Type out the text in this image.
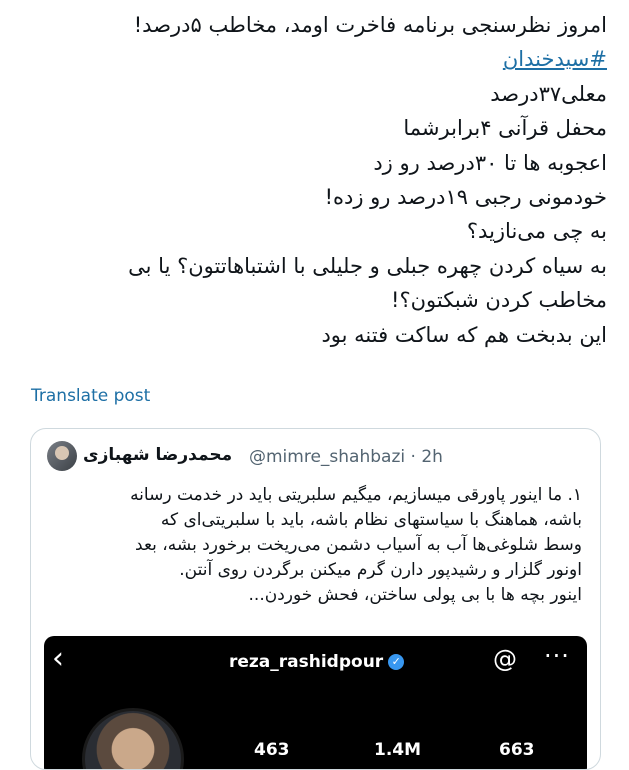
امروز نظرسنجی برنامه فاخرت اومد، مخاطب ۵درصد!
#سیدخندان
معلی۳۷درصد
محفل قرآنی ۴برابرشما
اعجوبه ها تا ۳۰درصد رو زد
خودمونی رجبی ۱۹درصد رو زده!
به چی می‌نازید؟
به سیاه کردن چهره جبلی و جلیلی با اشتباهاتتون؟ یا بی
مخاطب کردن شبکتون؟!
این بدبخت هم که ساکت فتنه بود
Translate post
محمدرضا شهبازی @mimre_shahbazi · 2h
۱. ما اینور پاورقی میسازیم، میگیم سلبریتی باید در خدمت رسانه
باشه، هماهنگ با سیاستهای نظام باشه، باید با سلبریتی‌ای که
وسط شلوغی‌ها آب به آسیاب دشمن می‌ریخت برخورد بشه، بعد
اونور گلزار و رشیدپور دارن گرم میکنن برگردن روی آنتن.
اینور بچه ها با بی پولی ساختن، فحش خوردن...
‹	reza_rashidpour ✓	@ ···
463	1.4M	663
